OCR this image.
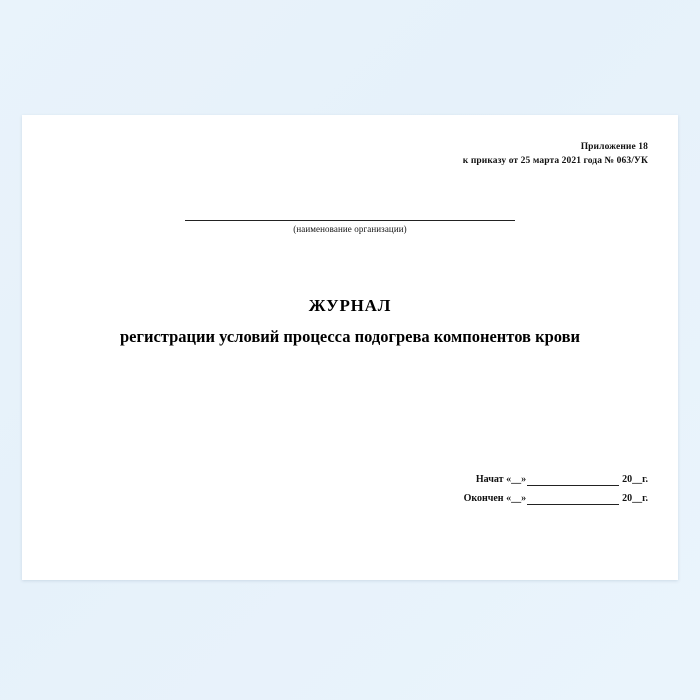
Приложение 18
к приказу от 25 марта 2021 года № 063/УК
(наименование организации)
ЖУРНАЛ
регистрации условий процесса подогрева компонентов крови
Начат «__»	20__г.
Окончен «__»	20__г.
